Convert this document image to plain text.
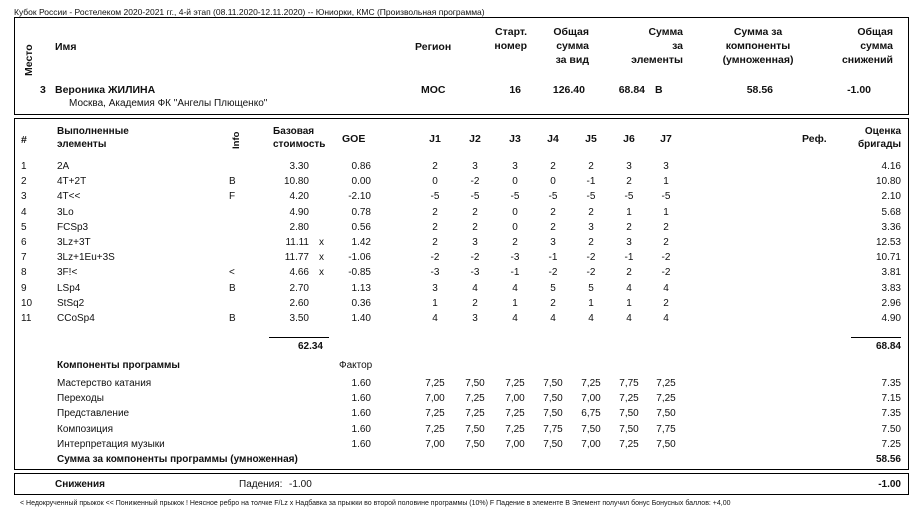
Кубок России - Ростелеком 2020-2021 гг., 4-й этап (08.11.2020-12.11.2020) -- Юниорки, КМС (Произвольная программа)
Место Имя	Регион
Старт.
номер
Общая
сумма
за вид
Сумма
за
элементы
Сумма за
компоненты
(умноженная)
Общая
сумма
снижений
3 Вероника ЖИЛИНА
Москва, Академия ФК "Ангелы Плющенко"
МОС	16	126.40	68.84 B	58.56	-1.00
#
Выполненные
элементы	Info
Базовая
стоимость GOE	J1	J2	J3	J4	J5	J6	J7	Реф.
Оценка
бригады
1	2A	3.30	0.86	2	3	3	2	2	3	3	4.16
2	4T+2T	B	10.80	0.00	0	-2	0	0	-1	2	1	10.80
3	4T<<	F	4.20	-2.10	-5	-5	-5	-5	-5	-5	-5	2.10
4	3Lo	4.90	0.78	2	2	0	2	2	1	1	5.68
5	FCSp3	2.80	0.56	2	2	0	2	3	2	2	3.36
6	3Lz+3T	11.11 x	1.42	2	3	2	3	2	3	2	12.53
7	3Lz+1Eu+3S	11.77 x	-1.06	-2	-2	-3	-1	-2	-1	-2	10.71
8	3F!<	<	4.66 x	-0.85	-3	-3	-1	-2	-2	2	-2	3.81
9	LSp4	B	2.70	1.13	3	4	4	5	5	4	4	3.83
10 StSq2	2.60	0.36	1	2	1	2	1	1	2	2.96
11	CCoSp4	B	3.50	1.40	4	3	4	4	4	4	4	4.90
62.34	68.84
Компоненты программы	Фактор
Мастерство катания	1.60	7,25	7,50	7,25	7,50	7,25	7,75	7,25	7.35
Переходы	1.60	7,00	7,25	7,00	7,50	7,00	7,25	7,25	7.15
Представление	1.60	7,25	7,25	7,25	7,50	6,75	7,50	7,50	7.35
Композиция	1.60	7,25	7,50	7,25	7,75	7,50	7,50	7,75	7.50
Интерпретация музыки	1.60	7,00	7,50	7,00	7,50	7,00	7,25	7,50	7.25
Сумма за компоненты программы (умноженная)	58.56
Снижения	Падения: -1.00	-1.00
< Недокрученный прыжок << Пониженный прыжок ! Неясное ребро на толчке F/Lz x Надбавка за прыжки во второй половине программы (10%) F Падение в элементе B Элемент получил бонус Бонусных баллов: +4,00
